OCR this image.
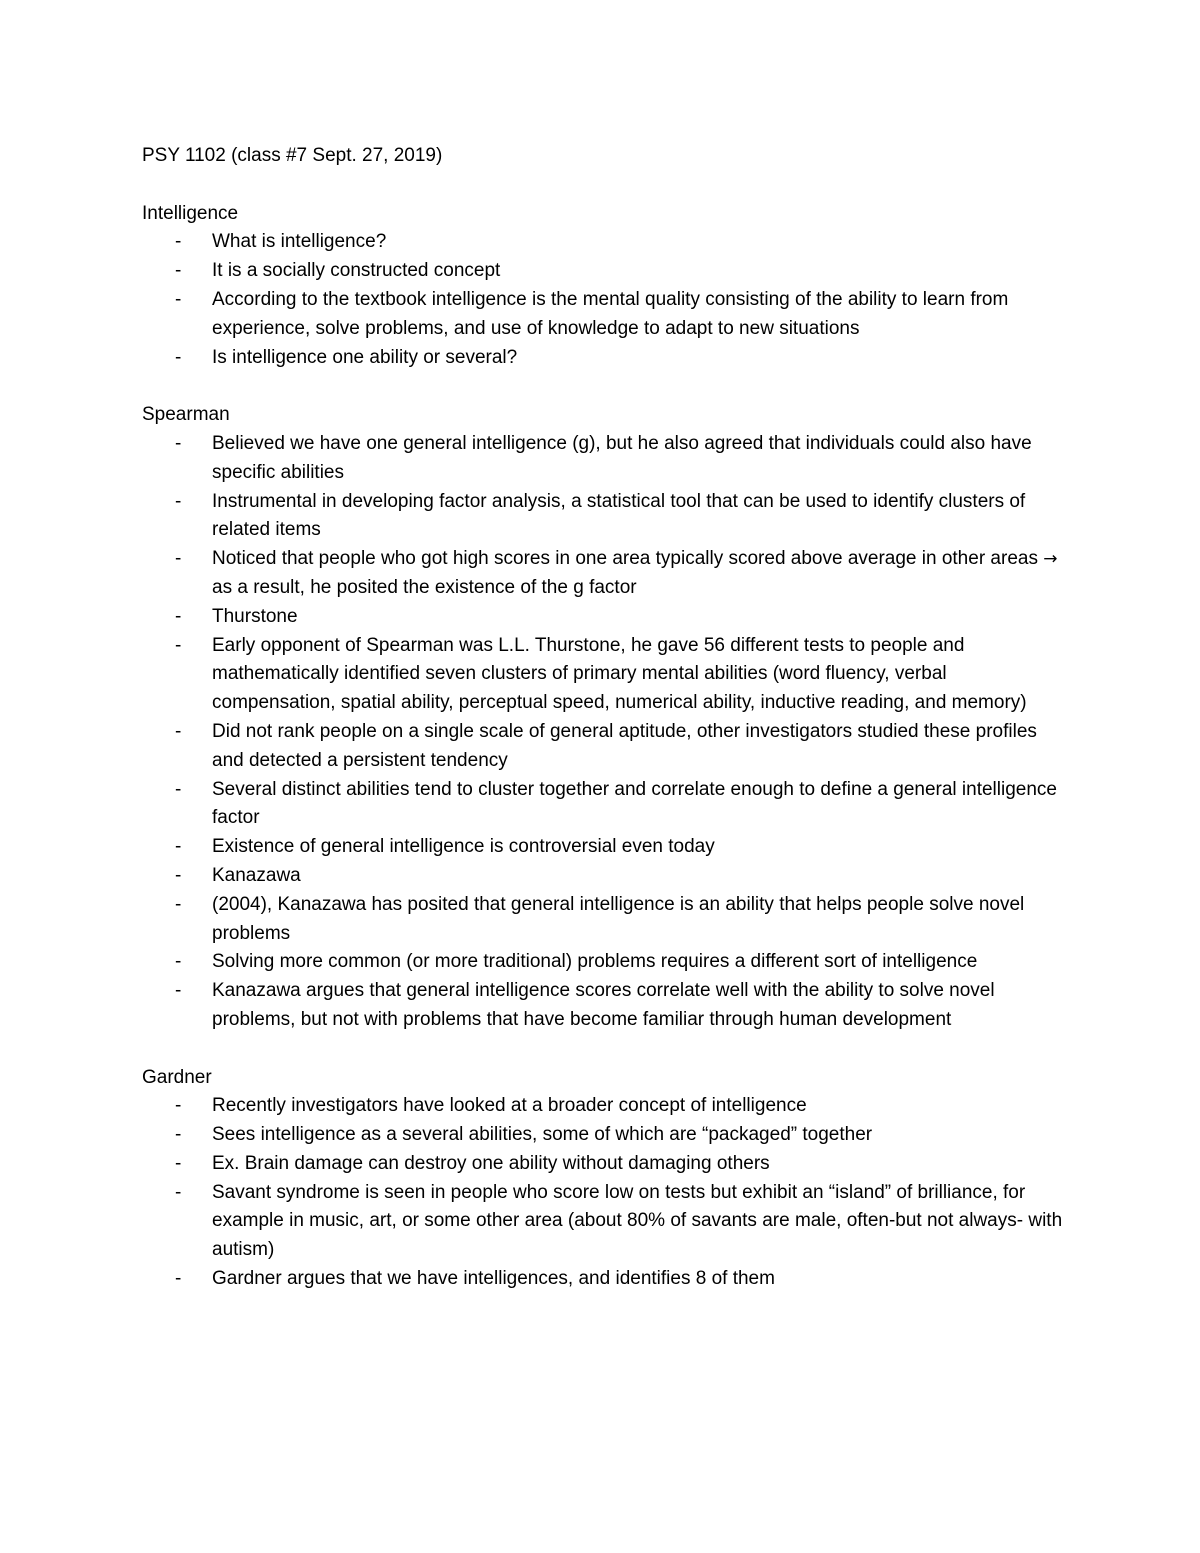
PSY 1102 (class #7 Sept. 27, 2019)
Intelligence
- What is intelligence?
- It is a socially constructed concept
- According to the textbook intelligence is the mental quality consisting of the ability to learn from experience, solve problems, and use of knowledge to adapt to new situations
- Is intelligence one ability or several?
Spearman
- Believed we have one general intelligence (g), but he also agreed that individuals could also have specific abilities
- Instrumental in developing factor analysis, a statistical tool that can be used to identify clusters of related items
- Noticed that people who got high scores in one area typically scored above average in other areas → as a result, he posited the existence of the g factor
- Thurstone
- Early opponent of Spearman was L.L. Thurstone, he gave 56 different tests to people and mathematically identified seven clusters of primary mental abilities (word fluency, verbal compensation, spatial ability, perceptual speed, numerical ability, inductive reading, and memory)
- Did not rank people on a single scale of general aptitude, other investigators studied these profiles and detected a persistent tendency
- Several distinct abilities tend to cluster together and correlate enough to define a general intelligence factor
- Existence of general intelligence is controversial even today
- Kanazawa
- (2004), Kanazawa has posited that general intelligence is an ability that helps people solve novel problems
- Solving more common (or more traditional) problems requires a different sort of intelligence
- Kanazawa argues that general intelligence scores correlate well with the ability to solve novel problems, but not with problems that have become familiar through human development
Gardner
- Recently investigators have looked at a broader concept of intelligence
- Sees intelligence as a several abilities, some of which are “packaged” together
- Ex. Brain damage can destroy one ability without damaging others
- Savant syndrome is seen in people who score low on tests but exhibit an “island” of brilliance, for example in music, art, or some other area (about 80% of savants are male, often-but not always- with autism)
- Gardner argues that we have intelligences, and identifies 8 of them
